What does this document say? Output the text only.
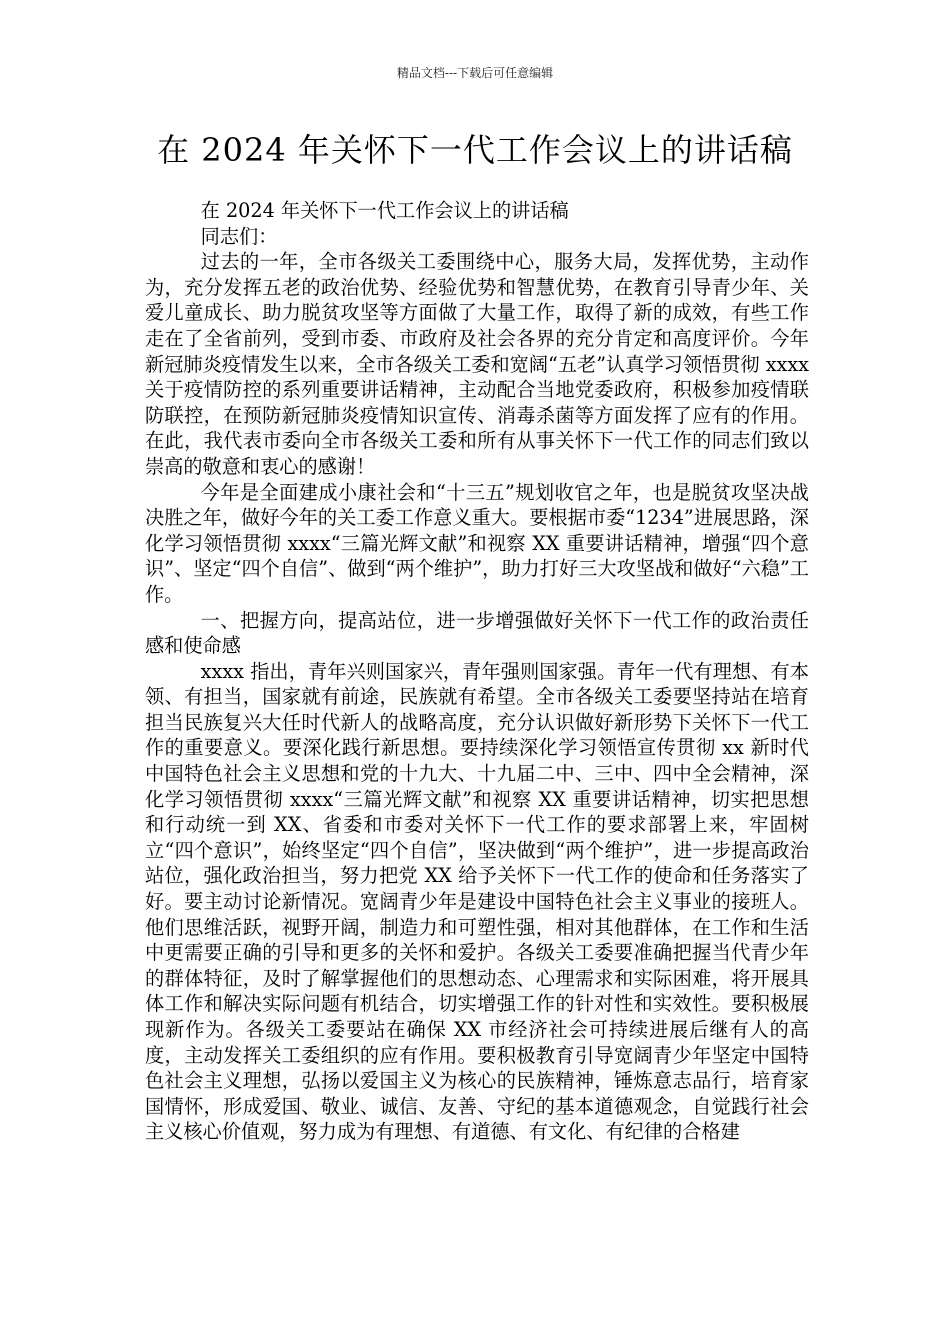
精品文档---下载后可任意编辑
在 2024 年关怀下一代工作会议上的讲话稿

在 2024 年关怀下一代工作会议上的讲话稿

同志们：

过去的一年，全市各级关工委围绕中心，服务大局，发挥优势，主动作为，充分发挥五老的政治优势、经验优势和智慧优势，在教育引导青少年、关爱儿童成长、助力脱贫攻坚等方面做了大量工作，取得了新的成效，有些工作走在了全省前列，受到市委、市政府及社会各界的充分肯定和高度评价。今年新冠肺炎疫情发生以来，全市各级关工委和宽阔“五老”认真学习领悟贯彻 xxxx 关于疫情防控的系列重要讲话精神，主动配合当地党委政府，积极参加疫情联防联控，在预防新冠肺炎疫情知识宣传、消毒杀菌等方面发挥了应有的作用。在此，我代表市委向全市各级关工委和所有从事关怀下一代工作的同志们致以崇高的敬意和衷心的感谢！

今年是全面建成小康社会和“十三五”规划收官之年，也是脱贫攻坚决战决胜之年，做好今年的关工委工作意义重大。要根据市委“1234”进展思路，深化学习领悟贯彻 xxxx“三篇光辉文献”和视察 XX 重要讲话精神，增强“四个意识”、坚定“四个自信”、做到“两个维护”，助力打好三大攻坚战和做好“六稳”工作。

一、把握方向，提高站位，进一步增强做好关怀下一代工作的政治责任感和使命感

xxxx 指出，青年兴则国家兴，青年强则国家强。青年一代有理想、有本领、有担当，国家就有前途，民族就有希望。全市各级关工委要坚持站在培育担当民族复兴大任时代新人的战略高度，充分认识做好新形势下关怀下一代工作的重要意义。要深化践行新思想。要持续深化学习领悟宣传贯彻 xx 新时代中国特色社会主义思想和党的十九大、十九届二中、三中、四中全会精神，深化学习领悟贯彻 xxxx“三篇光辉文献”和视察 XX 重要讲话精神，切实把思想和行动统一到 XX、省委和市委对关怀下一代工作的要求部署上来，牢固树立“四个意识”，始终坚定“四个自信”，坚决做到“两个维护”，进一步提高政治站位，强化政治担当，努力把党 XX 给予关怀下一代工作的使命和任务落实了好。要主动讨论新情况。宽阔青少年是建设中国特色社会主义事业的接班人。他们思维活跃，视野开阔，制造力和可塑性强，相对其他群体，在工作和生活中更需要正确的引导和更多的关怀和爱护。各级关工委要准确把握当代青少年的群体特征，及时了解掌握他们的思想动态、心理需求和实际困难，将开展具体工作和解决实际问题有机结合，切实增强工作的针对性和实效性。要积极展现新作为。各级关工委要站在确保 XX 市经济社会可持续进展后继有人的高度，主动发挥关工委组织的应有作用。要积极教育引导宽阔青少年坚定中国特色社会主义理想，弘扬以爱国主义为核心的民族精神，锤炼意志品行，培育家国情怀，形成爱国、敬业、诚信、友善、守纪的基本道德观念，自觉践行社会主义核心价值观，努力成为有理想、有道德、有文化、有纪律的合格建
